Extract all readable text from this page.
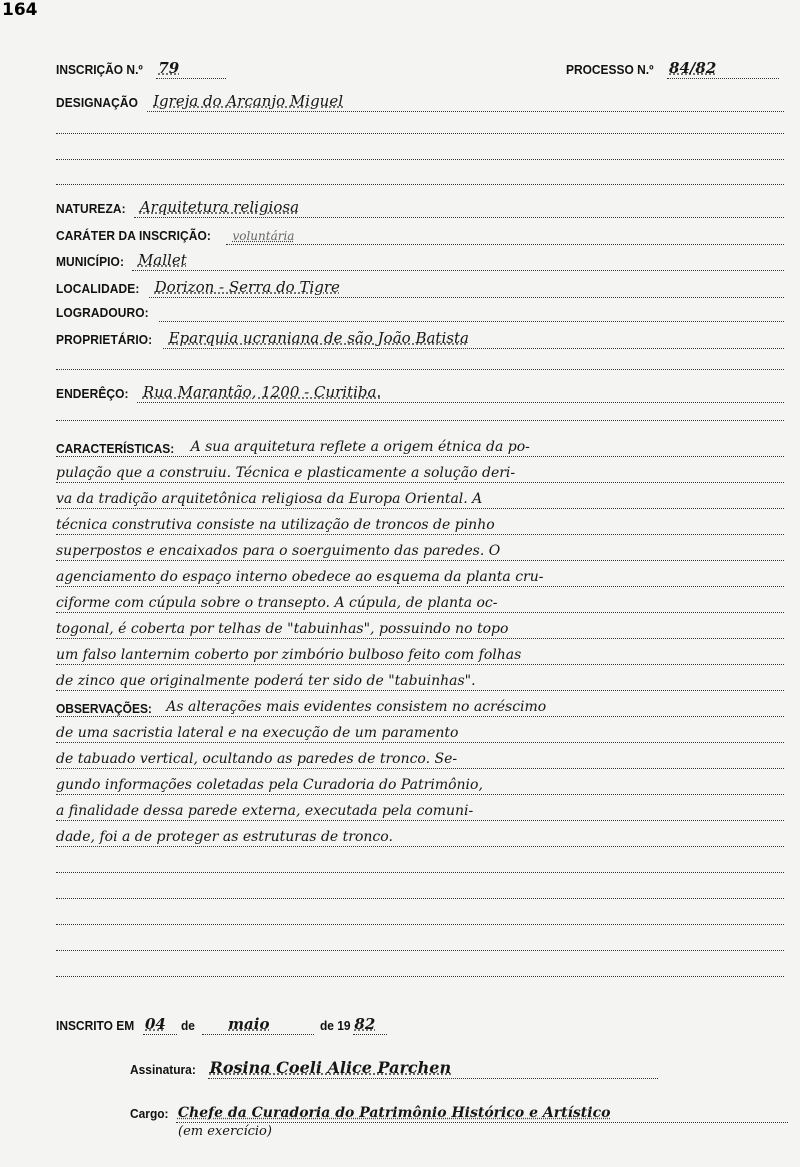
164
INSCRIÇÃO N.º 79	PROCESSO N.º 84/82
DESIGNAÇÃO Igreja do Arcanjo Miguel
NATUREZA: Arquitetura religiosa
CARÁTER DA INSCRIÇÃO: voluntária
MUNICÍPIO: Mallet
LOCALIDADE: Dorizon - Serra do Tigre
LOGRADOURO:
PROPRIETÁRIO: Eparquia ucraniana de são João Batista
ENDERÊÇO: Rua Marantão, 1200 - Curitiba.
CARACTERÍSTICAS: A sua arquitetura reflete a origem étnica da po-
pulação que a construiu. Técnica e plasticamente a solução deri-
va da tradição arquitetônica religiosa da Europa Oriental. A
técnica construtiva consiste na utilização de troncos de pinho
superpostos e encaixados para o soerguimento das paredes. O
agenciamento do espaço interno obedece ao esquema da planta cru-
ciforme com cúpula sobre o transepto. A cúpula, de planta oc-
togonal, é coberta por telhas de "tabuinhas", possuindo no topo
um falso lanternim coberto por zimbório bulboso feito com folhas
de zinco que originalmente poderá ter sido de "tabuinhas".
OBSERVAÇÕES: As alterações mais evidentes consistem no acréscimo
de uma sacristia lateral e na execução de um paramento
de tabuado vertical, ocultando as paredes de tronco. Se-
gundo informações coletadas pela Curadoria do Patrimônio,
a finalidade dessa parede externa, executada pela comuni-
dade, foi a de proteger as estruturas de tronco.
INSCRITO EM 04 de maio	de 19 82
Assinatura: Rosina Coeli Alice Parchen
Cargo: Chefe da Curadoria do Patrimônio Histórico e Artístico
(em exercício)
